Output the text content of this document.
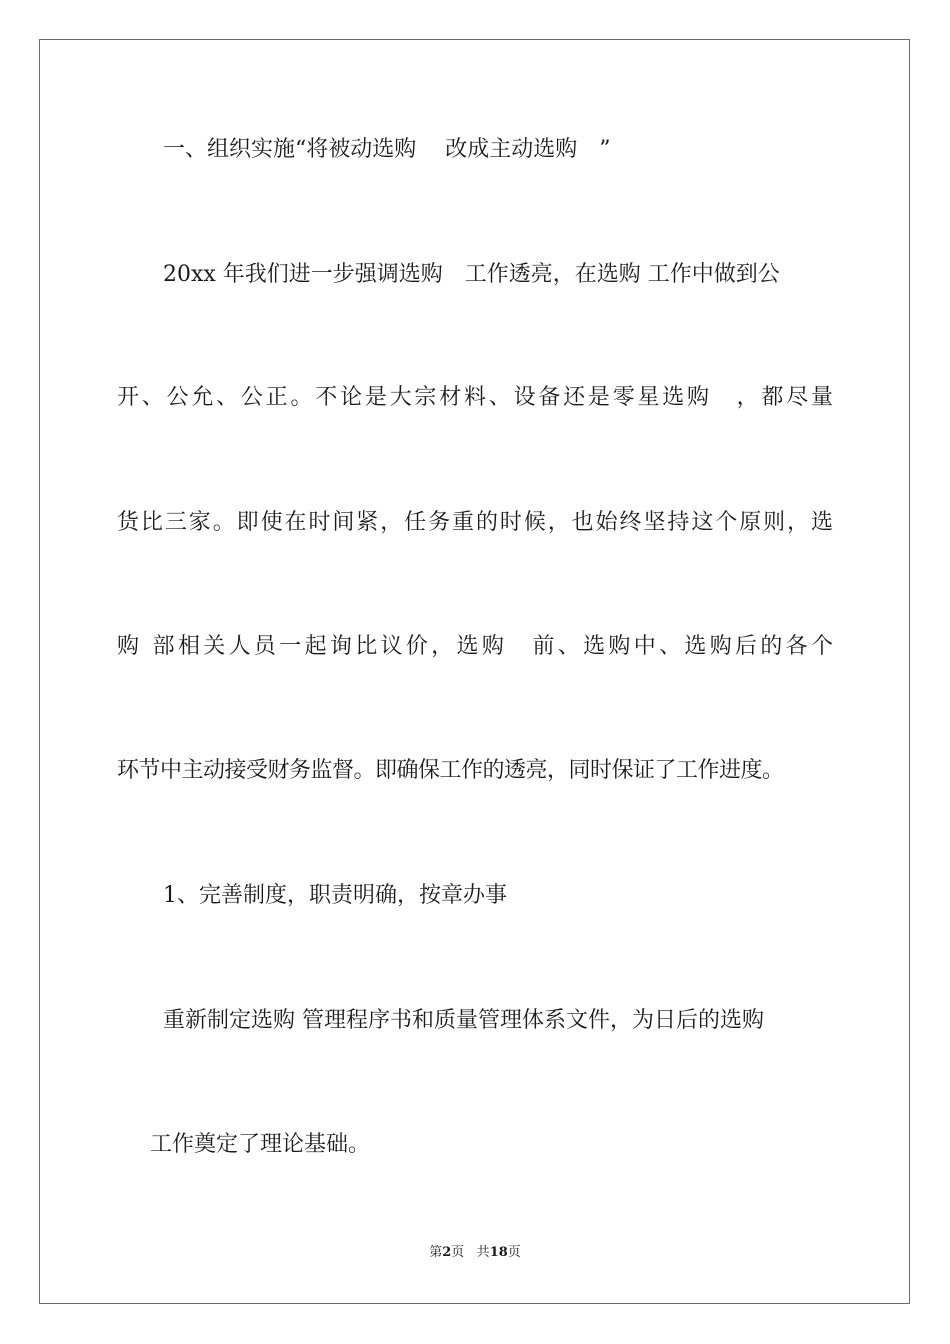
一、组织实施“将被动选购　 改成主动选购　”
20xx 年我们进一步强调选购　工作透亮，在选购 工作中做到公
开、公允、公正。不论是大宗材料、设备还是零星选购　，都尽量
货比三家。即使在时间紧，任务重的时候，也始终坚持这个原则，选
购 部相关人员一起询比议价，选购　前、选购中、选购后的各个
环节中主动接受财务监督。即确保工作的透亮，同时保证了工作进度。
1、完善制度，职责明确，按章办事
重新制定选购 管理程序书和质量管理体系文件，为日后的选购
工作奠定了理论基础。
第2页 共18页
